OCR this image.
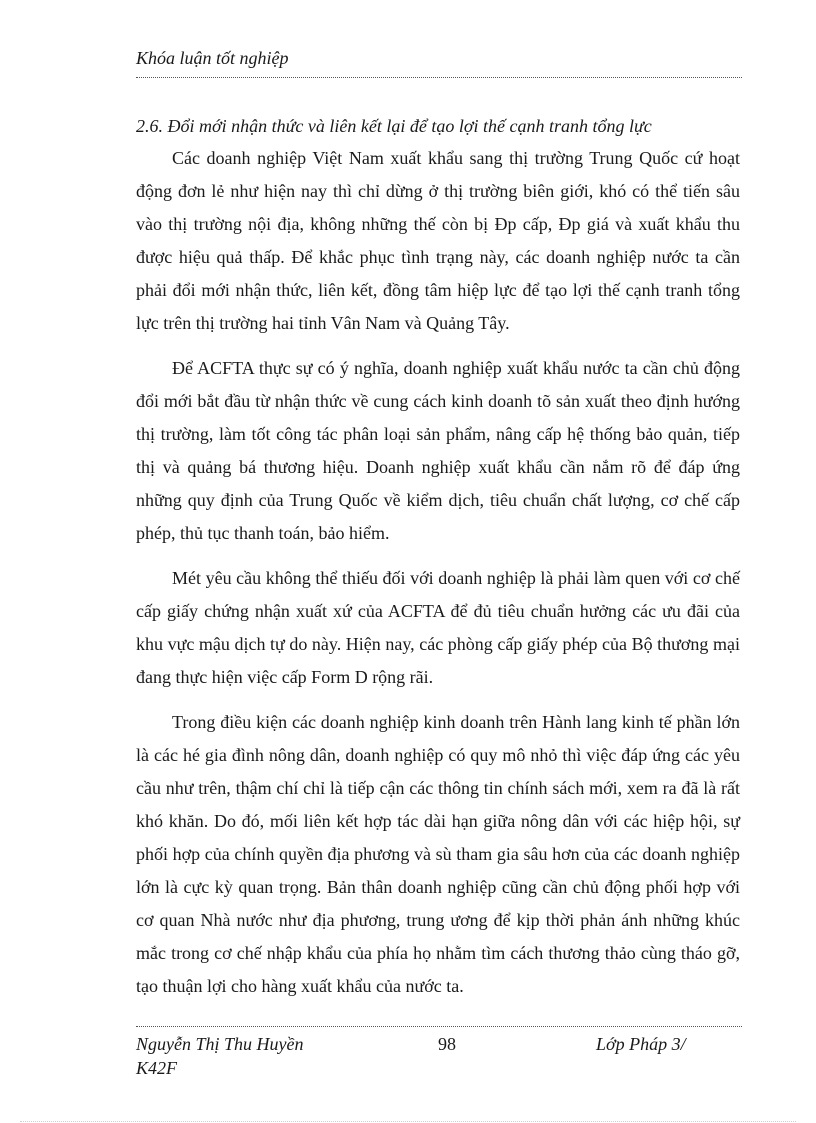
Khóa luận tốt nghiệp

2.6. Đổi mới nhận thức và liên kết lại để tạo lợi thế cạnh tranh tổng lực

Các doanh nghiệp Việt Nam xuất khẩu sang thị trường Trung Quốc cứ hoạt động đơn lẻ như hiện nay thì chỉ dừng ở thị trường biên giới, khó có thể tiến sâu vào thị trường nội địa, không những thế còn bị Đp cấp, Đp giá và xuất khẩu thu được hiệu quả thấp. Để khắc phục tình trạng này, các doanh nghiệp nước ta cần phải đổi mới nhận thức, liên kết, đồng tâm hiệp lực để tạo lợi thế cạnh tranh tổng lực trên thị trường hai tỉnh Vân Nam và Quảng Tây.

Để ACFTA thực sự có ý nghĩa, doanh nghiệp xuất khẩu nước ta cần chủ động đổi mới bắt đầu từ nhận thức về cung cách kinh doanh tõ sản xuất theo định hướng thị trường, làm tốt công tác phân loại sản phẩm, nâng cấp hệ thống bảo quản, tiếp thị và quảng bá thương hiệu. Doanh nghiệp xuất khẩu cần nắm rõ để đáp ứng những quy định của Trung Quốc về kiểm dịch, tiêu chuẩn chất lượng, cơ chế cấp phép, thủ tục thanh toán, bảo hiểm.

Mét yêu cầu không thể thiếu đối với doanh nghiệp là phải làm quen với cơ chế cấp giấy chứng nhận xuất xứ của ACFTA để đủ tiêu chuẩn hưởng các ưu đãi của khu vực mậu dịch tự do này. Hiện nay, các phòng cấp giấy phép của Bộ thương mại đang thực hiện việc cấp Form D rộng rãi.

Trong điều kiện các doanh nghiệp kinh doanh trên Hành lang kinh tế phần lớn là các hé gia đình nông dân, doanh nghiệp có quy mô nhỏ thì việc đáp ứng các yêu cầu như trên, thậm chí chỉ là tiếp cận các thông tin chính sách mới, xem ra đã là rất khó khăn. Do đó, mối liên kết hợp tác dài hạn giữa nông dân với các hiệp hội, sự phối hợp của chính quyền địa phương và sù tham gia sâu hơn của các doanh nghiệp lớn là cực kỳ quan trọng. Bản thân doanh nghiệp cũng cần chủ động phối hợp với cơ quan Nhà nước như địa phương, trung ương để kịp thời phản ánh những khúc mắc trong cơ chế nhập khẩu của phía họ nhằm tìm cách thương thảo cùng tháo gỡ, tạo thuận lợi cho hàng xuất khẩu của nước ta.

Nguyễn Thị Thu Huyền
K42F
98	Lớp Pháp 3/
